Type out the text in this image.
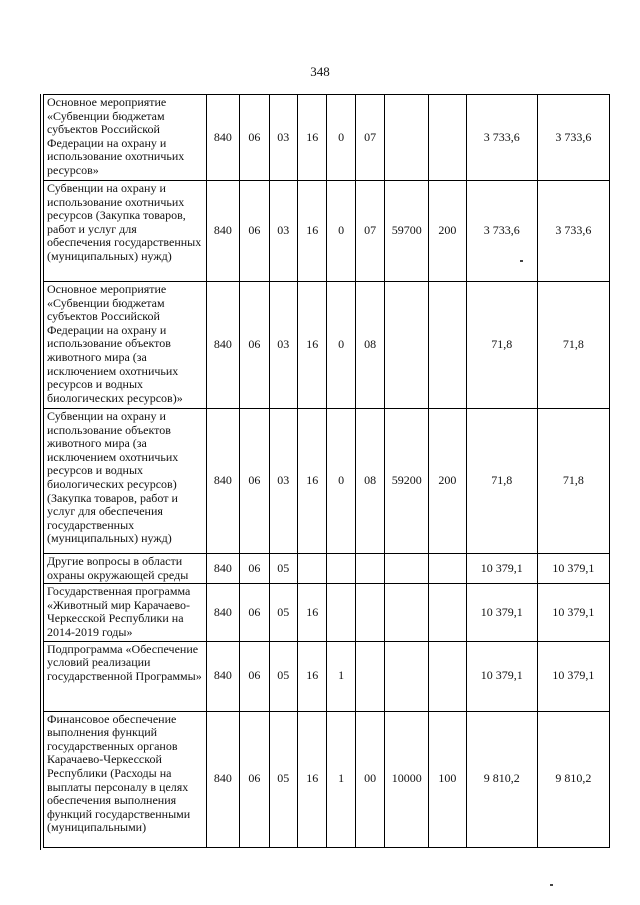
348
Основное мероприятие «Субвенции бюджетам субъектов Российской Федерации на охрану и использование охотничьих ресурсов»	840	06	03	16	0	07			3 733,6	3 733,6
Субвенции на охрану и использование охотничьих ресурсов (Закупка товаров, работ и услуг для обеспечения государственных (муниципальных) нужд)	840	06	03	16	0	07	59700	200	3 733,6	3 733,6
Основное мероприятие «Субвенции бюджетам субъектов Российской Федерации на охрану и использование объектов животного мира (за исключением охотничьих ресурсов и водных биологических ресурсов)»	840	06	03	16	0	08			71,8	71,8
Субвенции на охрану и использование объектов животного мира (за исключением охотничьих ресурсов и водных биологических ресурсов) (Закупка товаров, работ и услуг для обеспечения государственных (муниципальных) нужд)	840	06	03	16	0	08	59200	200	71,8	71,8
Другие вопросы в области охраны окружающей среды	840	06	05						10 379,1	10 379,1
Государственная программа «Животный мир Карачаево-Черкесской Республики на 2014-2019 годы»	840	06	05	16					10 379,1	10 379,1
Подпрограмма «Обеспечение условий реализации государственной Программы»	840	06	05	16	1				10 379,1	10 379,1
Финансовое обеспечение выполнения функций государственных органов Карачаево-Черкесской Республики (Расходы на выплаты персоналу в целях обеспечения выполнения функций государственными (муниципальными)	840	06	05	16	1	00	10000	100	9 810,2	9 810,2
